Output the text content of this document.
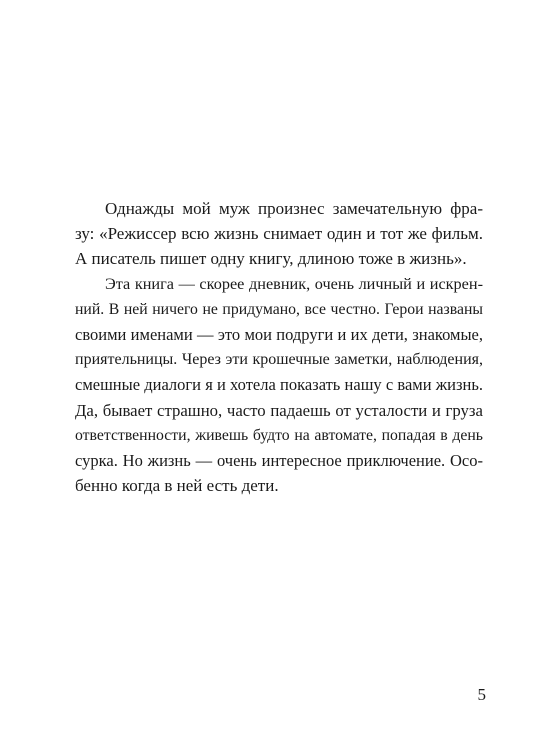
Однажды мой муж произнес замечательную фра-
зу: «Режиссер всю жизнь снимает один и тот же фильм.
А писатель пишет одну книгу, длиною тоже в жизнь».
Эта книга — скорее дневник, очень личный и искрен-
ний. В ней ничего не придумано, все честно. Герои названы
своими именами — это мои подруги и их дети, знакомые,
приятельницы. Через эти крошечные заметки, наблюдения,
смешные диалоги я и хотела показать нашу с вами жизнь.
Да, бывает страшно, часто падаешь от усталости и груза
ответственности, живешь будто на автомате, попадая в день
сурка. Но жизнь — очень интересное приключение. Осо-
бенно когда в ней есть дети.
5
